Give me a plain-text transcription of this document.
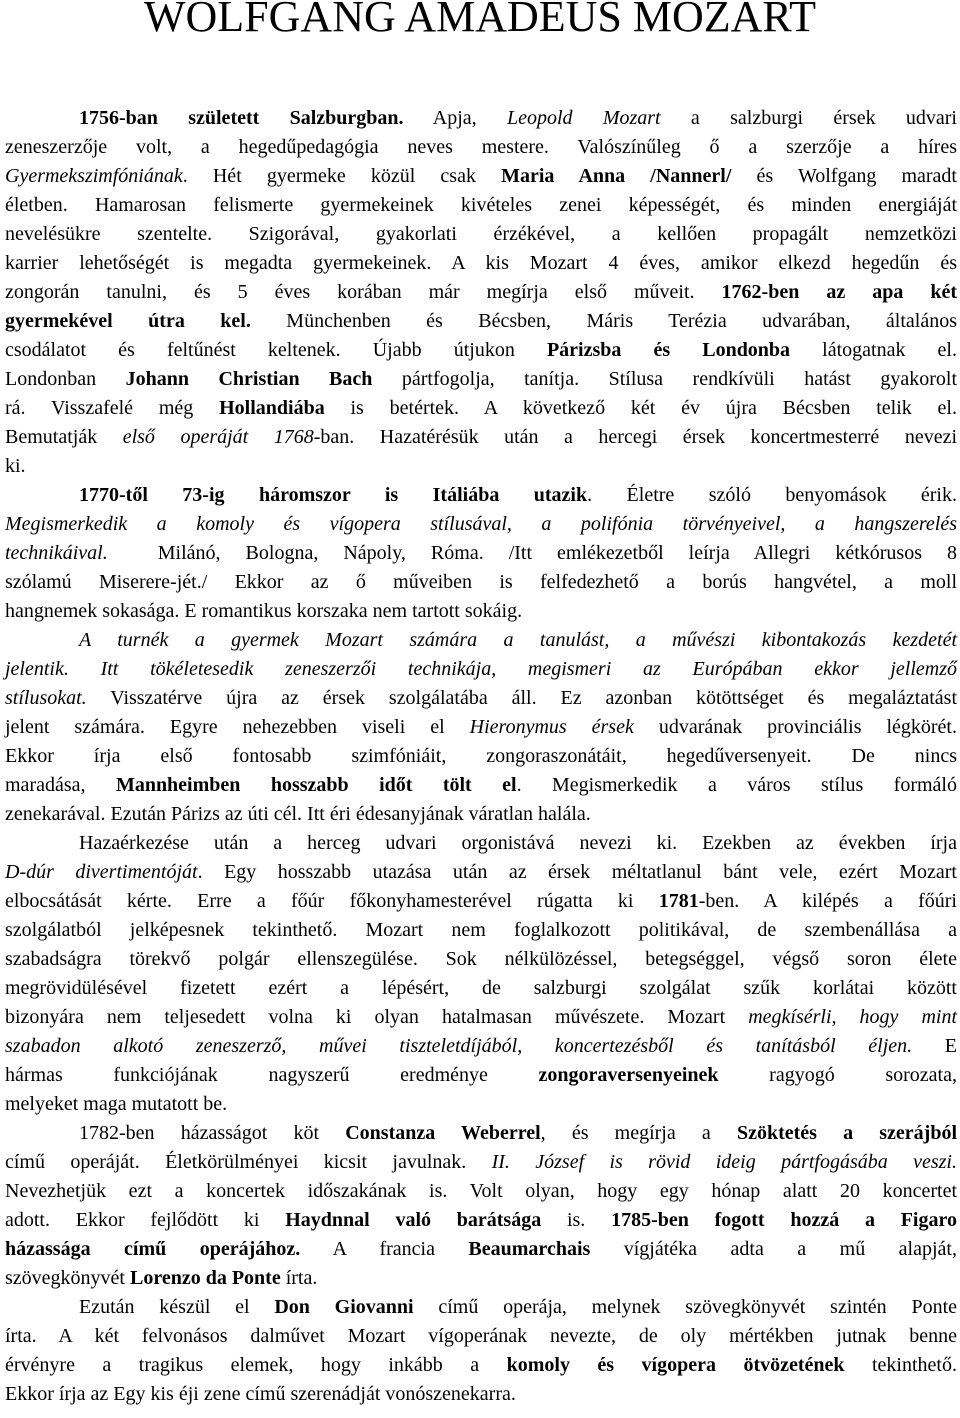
WOLFGANG AMADEUS MOZART
1756-ban született Salzburgban. Apja, Leopold Mozart a salzburgi érsek udvari
zeneszerzője volt, a hegedűpedagógia neves mestere. Valószínűleg ő a szerzője a híres
Gyermekszimfóniának. Hét gyermeke közül csak Maria Anna /Nannerl/ és Wolfgang maradt
életben. Hamarosan felismerte gyermekeinek kivételes zenei képességét, és minden energiáját
nevelésükre szentelte. Szigorával, gyakorlati érzékével, a kellően propagált nemzetközi
karrier lehetőségét is megadta gyermekeinek. A kis Mozart 4 éves, amikor elkezd hegedűn és
zongorán tanulni, és 5 éves korában már megírja első műveit. 1762-ben az apa két
gyermekével útra kel. Münchenben és Bécsben, Máris Terézia udvarában, általános
csodálatot és feltűnést keltenek. Újabb útjukon Párizsba és Londonba látogatnak el.
Londonban Johann Christian Bach pártfogolja, tanítja. Stílusa rendkívüli hatást gyakorolt
rá. Visszafelé még Hollandiába is betértek. A következő két év újra Bécsben telik el.
Bemutatják első operáját 1768-ban. Hazatérésük után a hercegi érsek koncertmesterré nevezi
ki.
1770-től 73-ig háromszor is Itáliába utazik. Életre szóló benyomások érik.
Megismerkedik a komoly és vígopera stílusával, a polifónia törvényeivel, a hangszerelés
technikáival.  Milánó, Bologna, Nápoly, Róma. /Itt emlékezetből leírja Allegri kétkórusos 8
szólamú Miserere-jét./ Ekkor az ő műveiben is felfedezhető a borús hangvétel, a moll
hangnemek sokasága. E romantikus korszaka nem tartott sokáig.
A turnék a gyermek Mozart számára a tanulást, a művészi kibontakozás kezdetét
jelentik. Itt tökéletesedik zeneszerzői technikája, megismeri az Európában ekkor jellemző
stílusokat. Visszatérve újra az érsek szolgálatába áll. Ez azonban kötöttséget és megaláztatást
jelent számára. Egyre nehezebben viseli el Hieronymus érsek udvarának provinciális légkörét.
Ekkor írja első fontosabb szimfóniáit, zongoraszonátáit, hegedűversenyeit. De nincs
maradása, Mannheimben hosszabb időt tölt el. Megismerkedik a város stílus formáló
zenekarával. Ezután Párizs az úti cél. Itt éri édesanyjának váratlan halála.
Hazaérkezése után a herceg udvari orgonistává nevezi ki. Ezekben az években írja
D-dúr divertimentóját. Egy hosszabb utazása után az érsek méltatlanul bánt vele, ezért Mozart
elbocsátását kérte. Erre a főúr főkonyhamesterével rúgatta ki 1781-ben. A kilépés a főúri
szolgálatból jelképesnek tekinthető. Mozart nem foglalkozott politikával, de szembenállása a
szabadságra törekvő polgár ellenszegülése. Sok nélkülözéssel, betegséggel, végső soron élete
megrövidülésével fizetett ezért a lépésért, de salzburgi szolgálat szűk korlátai között
bizonyára nem teljesedett volna ki olyan hatalmasan művészete. Mozart megkísérli, hogy mint
szabadon alkotó zeneszerző, művei tiszteletdíjából, koncertezésből és tanításból éljen. E
hármas funkciójának nagyszerű eredménye zongoraversenyeinek ragyogó sorozata,
melyeket maga mutatott be.
1782-ben házasságot köt Constanza Weberrel, és megírja a Szöktetés a szerájból
című operáját. Életkörülményei kicsit javulnak. II. József is rövid ideig pártfogásába veszi.
Nevezhetjük ezt a koncertek időszakának is. Volt olyan, hogy egy hónap alatt 20 koncertet
adott. Ekkor fejlődött ki Haydnnal való barátsága is. 1785-ben fogott hozzá a Figaro
házassága című operájához. A francia Beaumarchais vígjátéka adta a mű alapját,
szövegkönyvét Lorenzo da Ponte írta.
Ezután készül el Don Giovanni című operája, melynek szövegkönyvét szintén Ponte
írta. A két felvonásos dalművet Mozart vígoperának nevezte, de oly mértékben jutnak benne
érvényre a tragikus elemek, hogy inkább a komoly és vígopera ötvözetének tekinthető.
Ekkor írja az Egy kis éji zene című szerenádját vonószenekarra.
